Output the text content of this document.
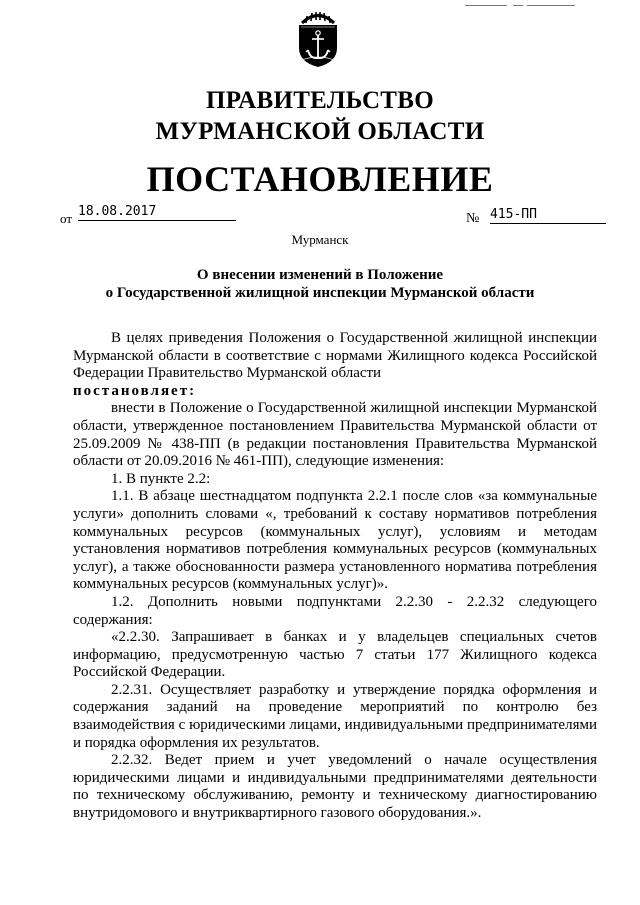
ПРАВИТЕЛЬСТВО
МУРМАНСКОЙ ОБЛАСТИ
ПОСТАНОВЛЕНИЕ
от 18.08.2017	№ 415-ПП
Мурманск
О внесении изменений в Положение
о Государственной жилищной инспекции Мурманской области

В целях приведения Положения о Государственной жилищной инспекции Мурманской области в соответствие с нормами Жилищного кодекса Российской Федерации Правительство Мурманской области
постановляет:

внести в Положение о Государственной жилищной инспекции Мурманской области, утвержденное постановлением Правительства Мурманской области от 25.09.2009 № 438-ПП (в редакции постановления Правительства Мурманской области от 20.09.2016 № 461-ПП), следующие изменения:

1. В пункте 2.2:

1.1. В абзаце шестнадцатом подпункта 2.2.1 после слов «за коммунальные услуги» дополнить словами «, требований к составу нормативов потребления коммунальных ресурсов (коммунальных услуг), условиям и методам установления нормативов потребления коммунальных ресурсов (коммунальных услуг), а также обоснованности размера установленного норматива потребления коммунальных ресурсов (коммунальных услуг)».

1.2. Дополнить новыми подпунктами 2.2.30 - 2.2.32 следующего содержания:

«2.2.30. Запрашивает в банках и у владельцев специальных счетов информацию, предусмотренную частью 7 статьи 177 Жилищного кодекса Российской Федерации.

2.2.31. Осуществляет разработку и утверждение порядка оформления и содержания заданий на проведение мероприятий по контролю без взаимодействия с юридическими лицами, индивидуальными предпринимателями и порядка оформления их результатов.

2.2.32. Ведет прием и учет уведомлений о начале осуществления юридическими лицами и индивидуальными предпринимателями деятельности по техническому обслуживанию, ремонту и техническому диагностированию внутридомового и внутриквартирного газового оборудования.».
